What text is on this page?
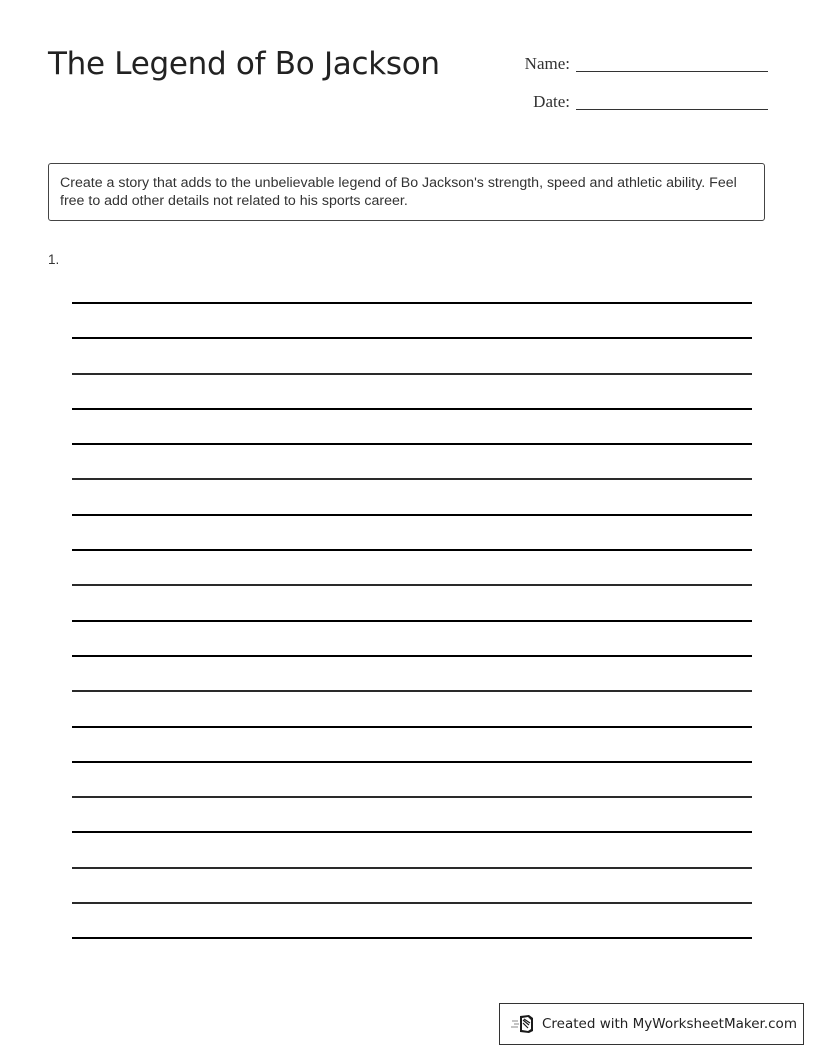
The Legend of Bo Jackson	Name:
Date:
Create a story that adds to the unbelievable legend of Bo Jackson's strength, speed and athletic ability. Feel free to add other details not related to his sports career.
1.
Created with MyWorksheetMaker.com
